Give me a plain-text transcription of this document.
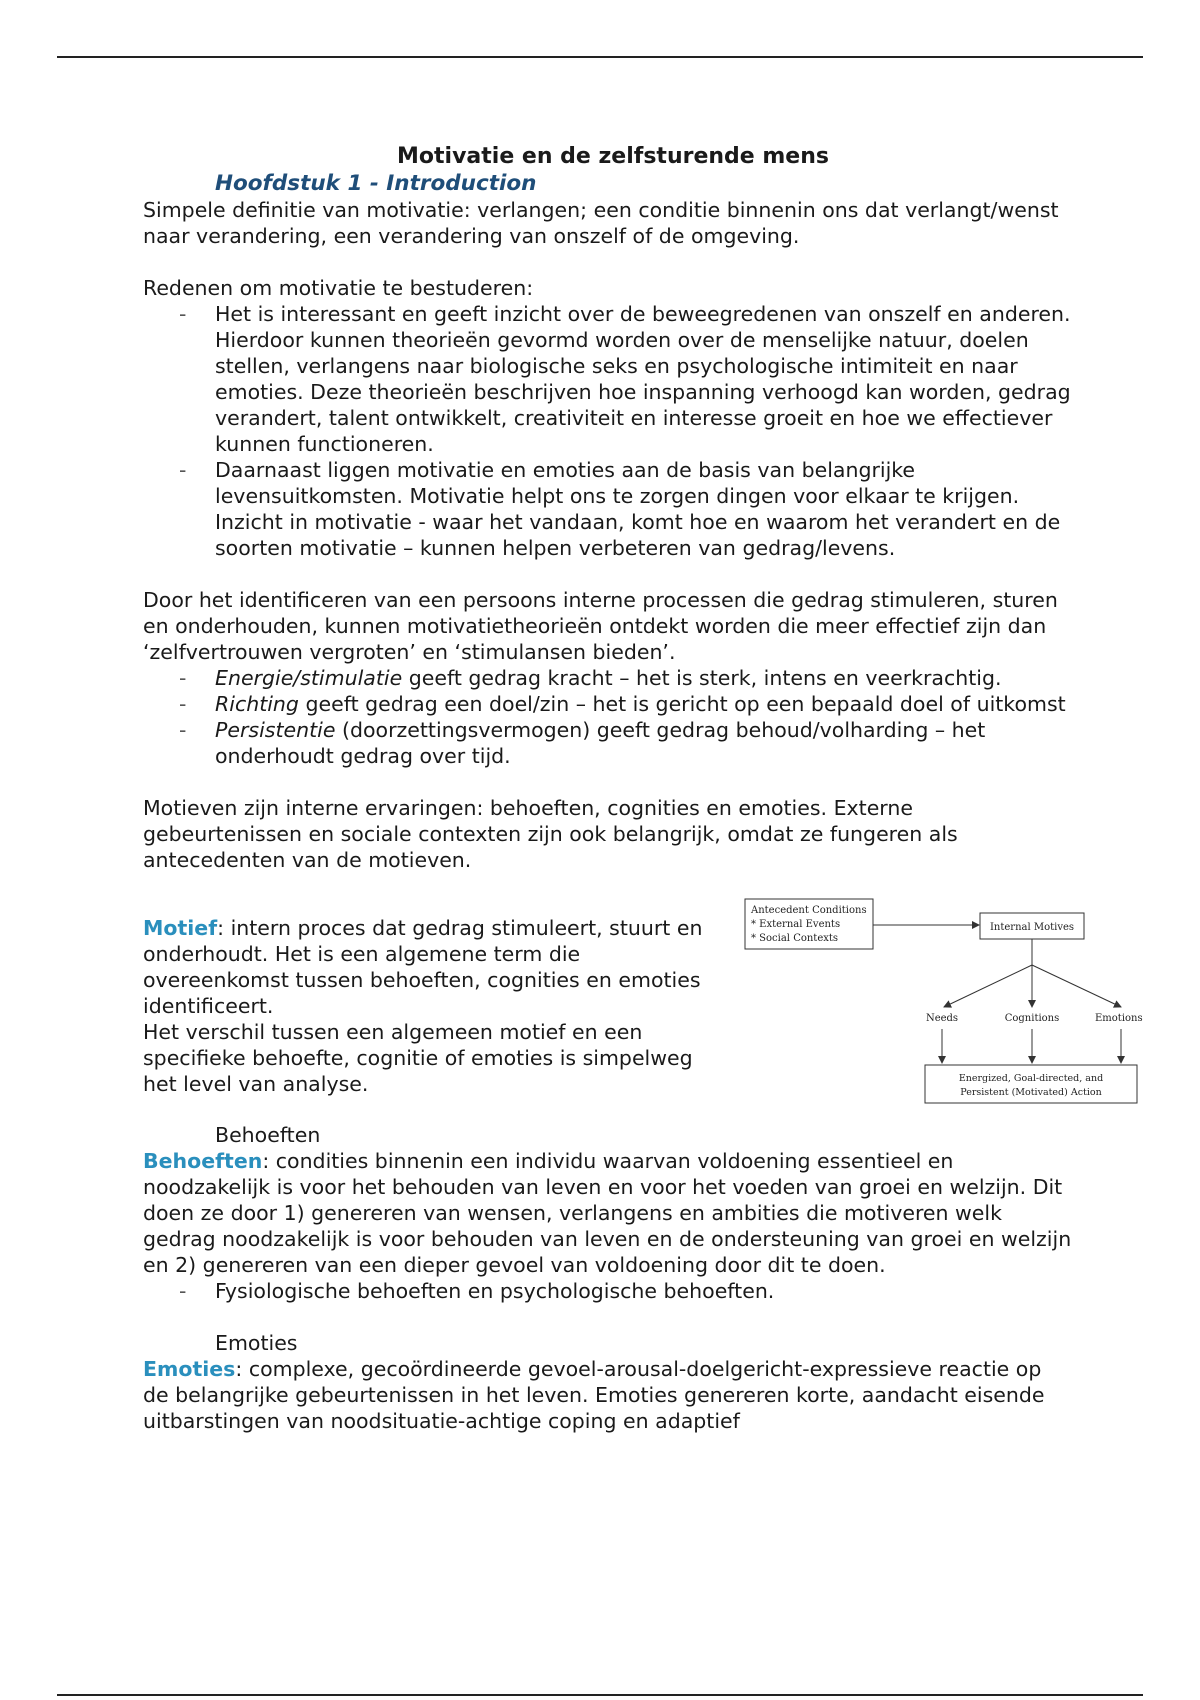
Motivatie en de zelfsturende mens
Hoofdstuk 1 - Introduction

Simpele definitie van motivatie: verlangen; een conditie binnenin ons dat verlangt/wenst naar verandering, een verandering van onszelf of de omgeving.

Redenen om motivatie te bestuderen:

- Het is interessant en geeft inzicht over de beweegredenen van onszelf en anderen. Hierdoor kunnen theorieën gevormd worden over de menselijke natuur, doelen stellen, verlangens naar biologische seks en psychologische intimiteit en naar emoties. Deze theorieën beschrijven hoe inspanning verhoogd kan worden, gedrag verandert, talent ontwikkelt, creativiteit en interesse groeit en hoe we effectiever kunnen functioneren.
- Daarnaast liggen motivatie en emoties aan de basis van belangrijke levensuitkomsten. Motivatie helpt ons te zorgen dingen voor elkaar te krijgen. Inzicht in motivatie - waar het vandaan, komt hoe en waarom het verandert en de soorten motivatie – kunnen helpen verbeteren van gedrag/levens.

Door het identificeren van een persoons interne processen die gedrag stimuleren, sturen en onderhouden, kunnen motivatietheorieën ontdekt worden die meer effectief zijn dan ‘zelfvertrouwen vergroten’ en ‘stimulansen bieden’.

- Energie/stimulatie geeft gedrag kracht – het is sterk, intens en veerkrachtig.
- Richting geeft gedrag een doel/zin – het is gericht op een bepaald doel of uitkomst
- Persistentie (doorzettingsvermogen) geeft gedrag behoud/volharding – het onderhoudt gedrag over tijd.

Motieven zijn interne ervaringen: behoeften, cognities en emoties. Externe gebeurtenissen en sociale contexten zijn ook belangrijk, omdat ze fungeren als antecedenten van de motieven.

Motief: intern proces dat gedrag stimuleert, stuurt en onderhoudt. Het is een algemene term die overeenkomst tussen behoeften, cognities en emoties identificeert.

Het verschil tussen een algemeen motief en een specifieke behoefte, cognitie of emoties is simpelweg het level van analyse.

Antecedent Conditions
* External Events
* Social Contexts
Internal Motives
Needs	Cognitions	Emotions
Energized, Goal-directed, and
Persistent (Motivated) Action

Behoeften

Behoeften: condities binnenin een individu waarvan voldoening essentieel en noodzakelijk is voor het behouden van leven en voor het voeden van groei en welzijn. Dit doen ze door 1) genereren van wensen, verlangens en ambities die motiveren welk gedrag noodzakelijk is voor behouden van leven en de ondersteuning van groei en welzijn en 2) genereren van een dieper gevoel van voldoening door dit te doen.

- Fysiologische behoeften en psychologische behoeften.

Emoties

Emoties: complexe, gecoördineerde gevoel-arousal-doelgericht-expressieve reactie op de belangrijke gebeurtenissen in het leven. Emoties genereren korte, aandacht eisende uitbarstingen van noodsituatie-achtige coping en adaptief
